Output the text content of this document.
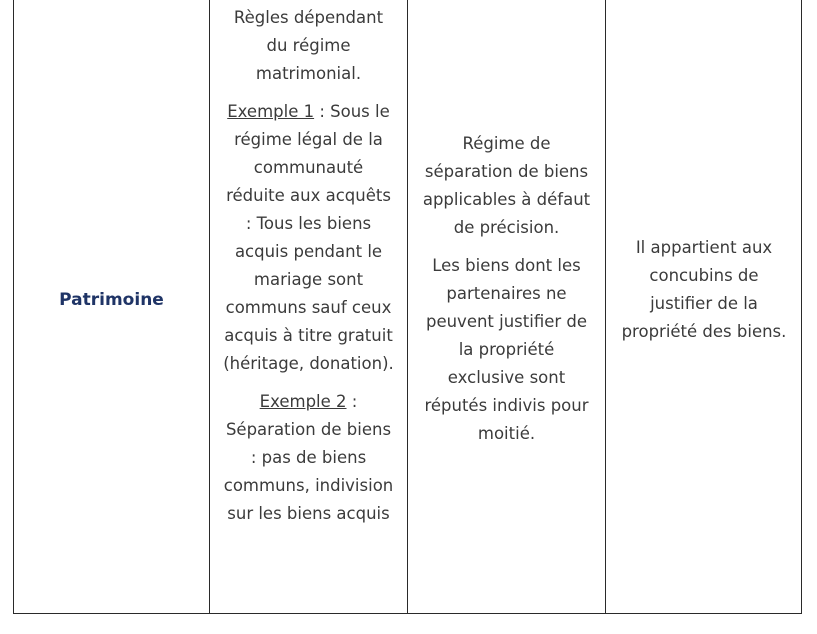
Patrimoine

Règles dépendant du régime matrimonial.

Exemple 1 : Sous le régime légal de la communauté réduite aux acquêts : Tous les biens acquis pendant le mariage sont communs sauf ceux acquis à titre gratuit (héritage, donation).

Exemple 2 : Séparation de biens : pas de biens communs, indivision sur les biens acquis

Régime de séparation de biens applicables à défaut de précision.

Les biens dont les partenaires ne peuvent justifier de la propriété exclusive sont réputés indivis pour moitié.

Il appartient aux concubins de justifier de la propriété des biens.
